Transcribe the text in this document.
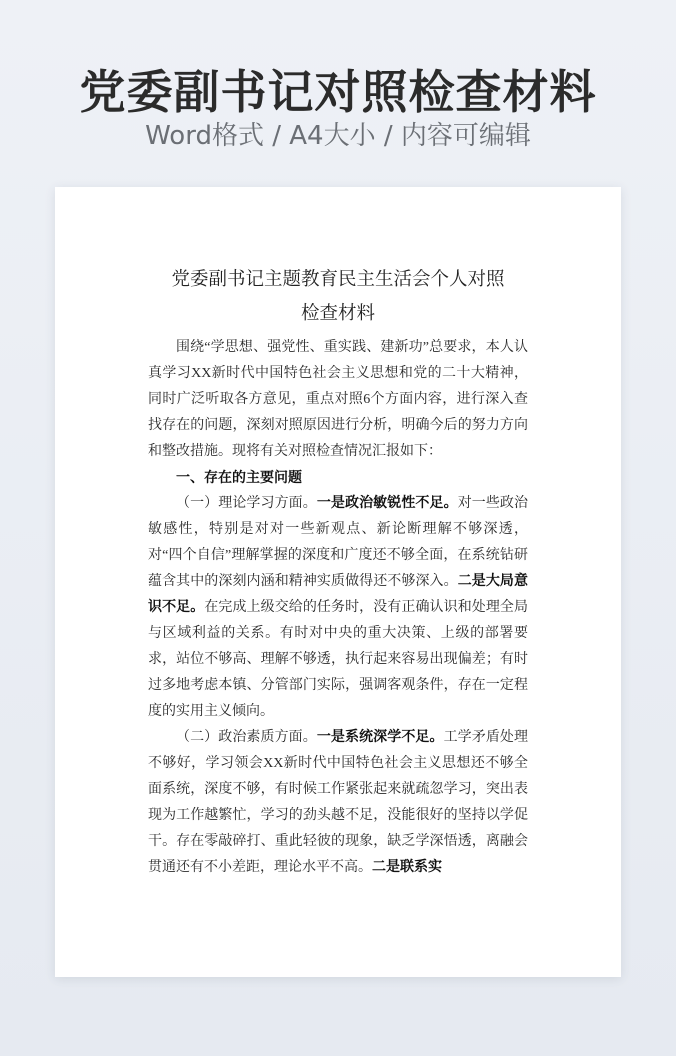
党委副书记对照检查材料
Word格式 / A4大小 / 内容可编辑
党委副书记主题教育民主生活会个人对照
检查材料

围绕“学思想、强党性、重实践、建新功”总要求，本人认真学习XX新时代中国特色社会主义思想和党的二十大精神，同时广泛听取各方意见，重点对照6个方面内容，进行深入查找存在的问题，深刻对照原因进行分析，明确今后的努力方向和整改措施。现将有关对照检查情况汇报如下：

一、存在的主要问题

（一）理论学习方面。一是政治敏锐性不足。对一些政治敏感性，特别是对对一些新观点、新论断理解不够深透，对“四个自信”理解掌握的深度和广度还不够全面，在系统钻研蕴含其中的深刻内涵和精神实质做得还不够深入。二是大局意识不足。在完成上级交给的任务时，没有正确认识和处理全局与区域利益的关系。有时对中央的重大决策、上级的部署要求，站位不够高、理解不够透，执行起来容易出现偏差；有时过多地考虑本镇、分管部门实际，强调客观条件，存在一定程度的实用主义倾向。

（二）政治素质方面。一是系统深学不足。工学矛盾处理不够好，学习领会XX新时代中国特色社会主义思想还不够全面系统，深度不够，有时候工作紧张起来就疏忽学习，突出表现为工作越繁忙，学习的劲头越不足，没能很好的坚持以学促干。存在零敲碎打、重此轻彼的现象，缺乏学深悟透，离融会贯通还有不小差距，理论水平不高。二是联系实
